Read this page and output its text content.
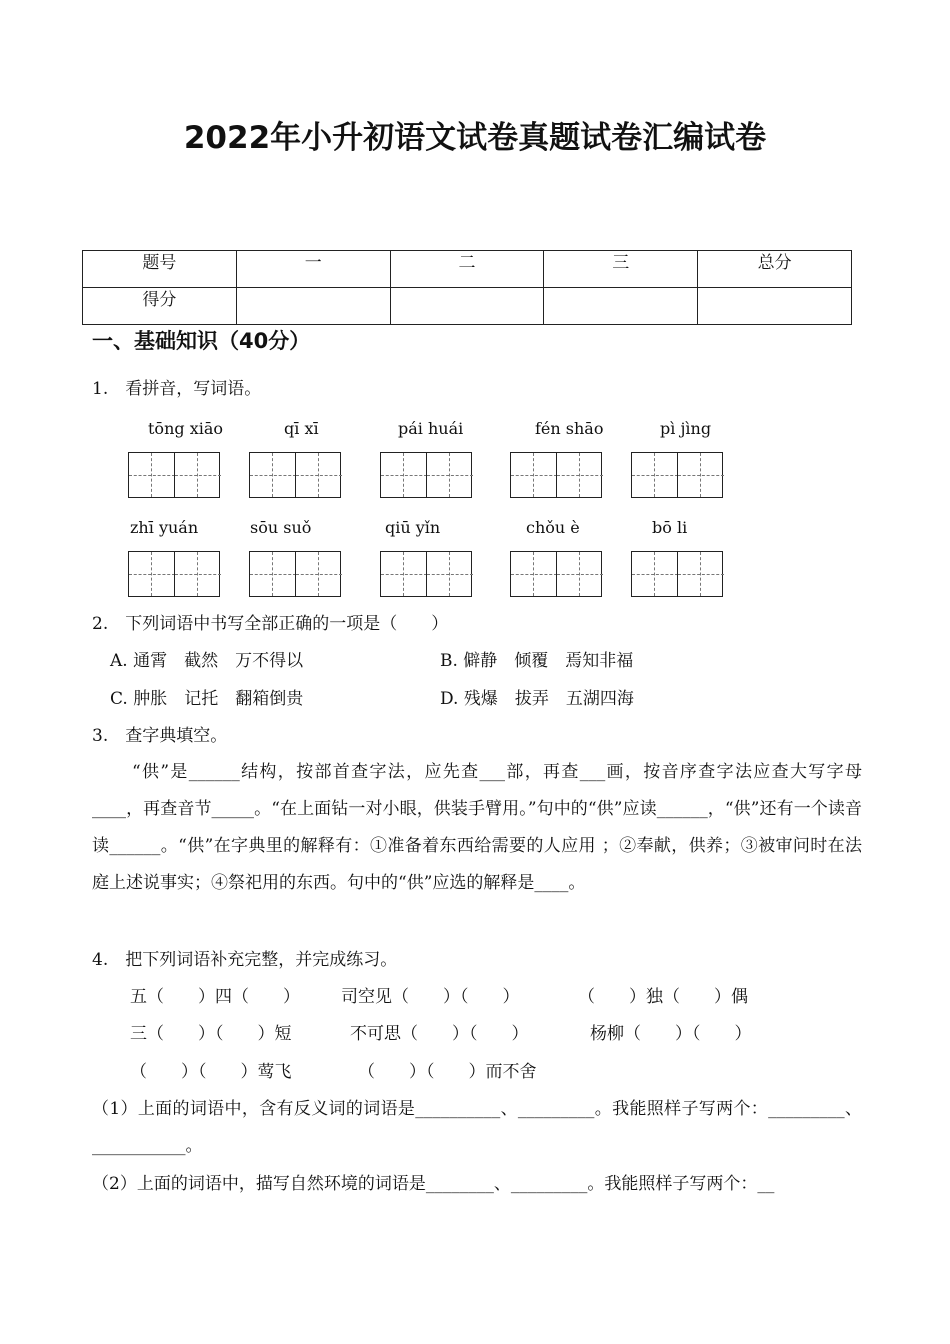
2022年小升初语文试卷真题试卷汇编试卷
题号	一	二	三	总分
得分				
一、基础知识（40分）
1.　看拼音，写词语。
tōng xiāo	qī xī	pái huái	fén shāo	pì jìng
zhī yuán	sōu suǒ	qiū yǐn	chǒu è	bō li
2.　下列词语中书写全部正确的一项是（　　）
A. 通霄　截然　万不得以	B. 僻静　倾覆　焉知非福
C. 肿胀　记托　翻箱倒贵	D. 残爆　拔弄　五湖四海
3.　查字典填空。
“供”是______结构，按部首查字法，应先查___部，再查___画，按音序查字法应查大写字母____，再查音节_____。“在上面钻一对小眼，供装手臂用。”句中的“供”应读______，“供”还有一个读音读______。“供”在字典里的解释有：①准备着东西给需要的人应用 ；②奉献，供养；③被审问时在法庭上述说事实；④祭祀用的东西。句中的“供”应选的解释是____。
4.　把下列词语补充完整，并完成练习。
五（　　）四（　　） 司空见（　　）（　　）	（　　）独（　　）偶
三（　　）（　　）短	不可思（　　）（　　）	杨柳（　　）（　　）
（　　）（　　）莺飞	（　　）（　　）而不舍
（1）上面的词语中，含有反义词的词语是__________、_________。我能照样子写两个：_________、___________。
（2）上面的词语中，描写自然环境的词语是________、_________。我能照样子写两个：__
